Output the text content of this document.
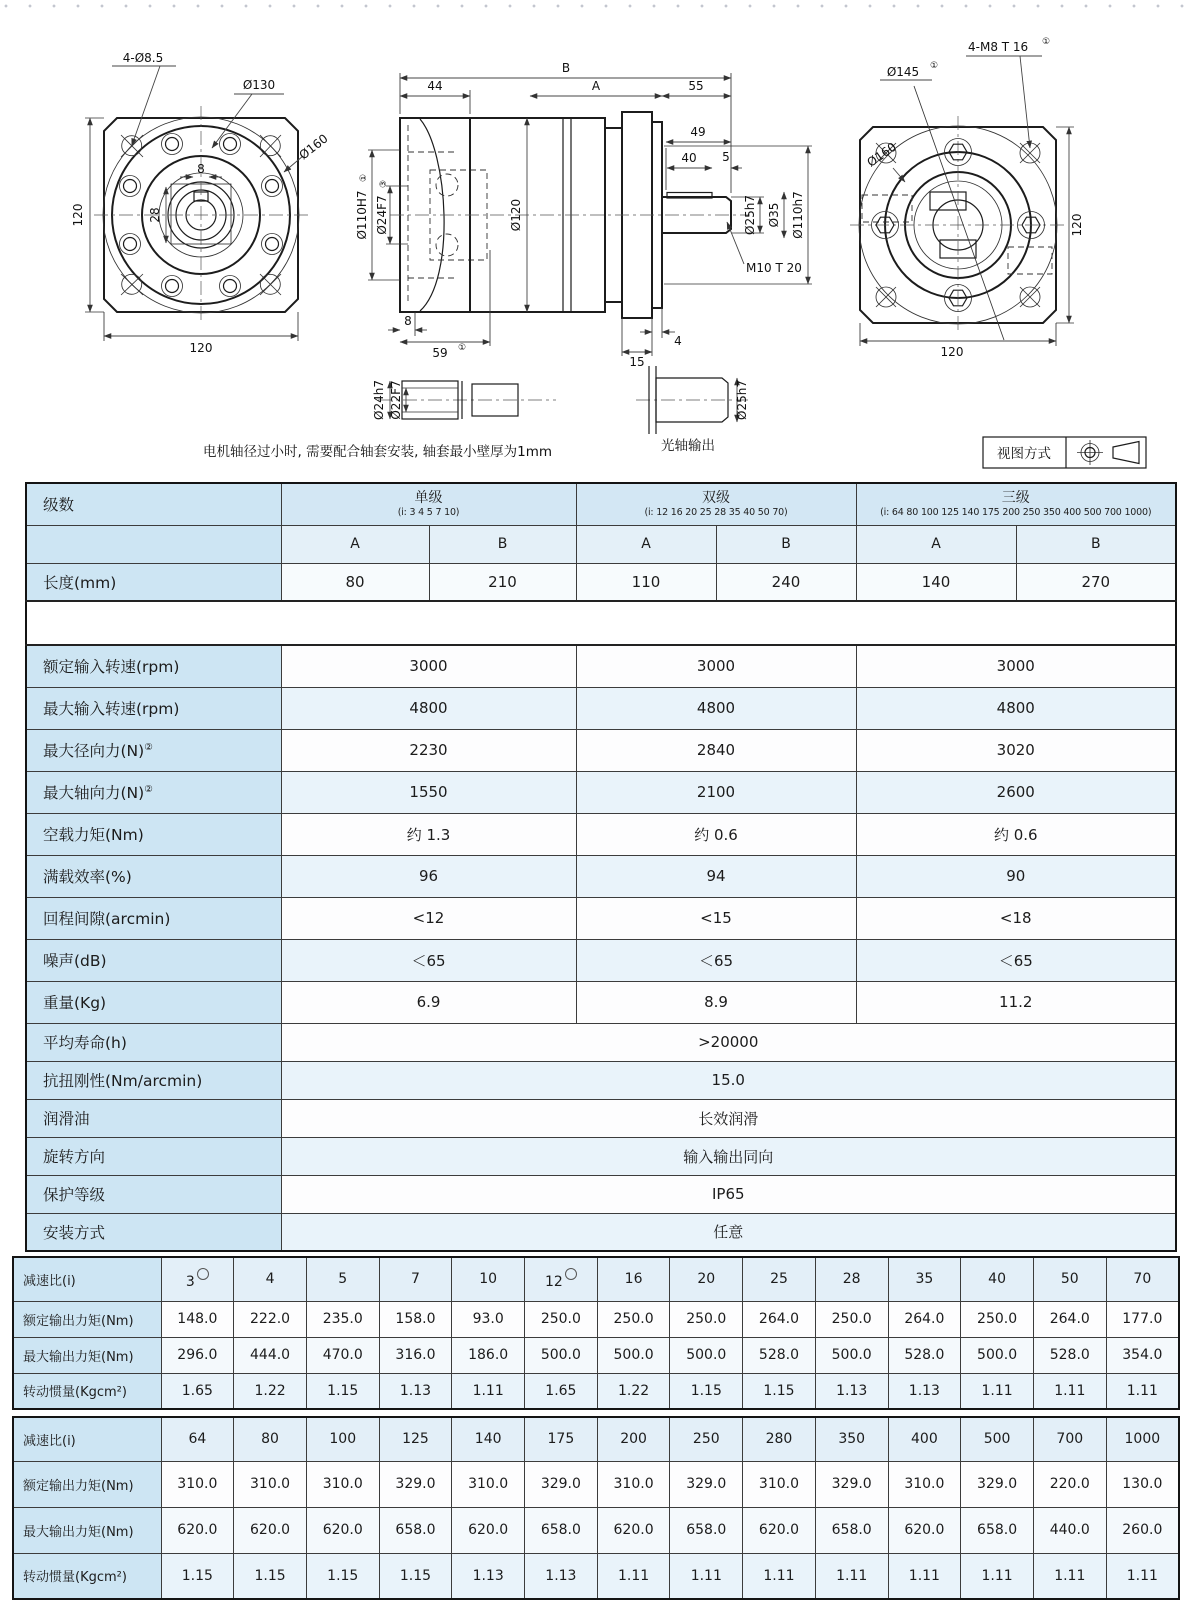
4-Ø8.5
Ø130
Ø160
120
120
8
28
B
44	A	55
49
40 5
Ø110H7
①
Ø24F7
③
Ø120	Ø25h7 Ø35 Ø110h7
M10 T 20
8
59 ①
15
4
Ø145 ①
4-M8 T 16 ①
Ø160
120
120
Ø24h7 Ø22F7	Ø25h7
光轴输出
电机轴径过小时, 需要配合轴套安装, 轴套最小壁厚为1mm	视图方式
级数	单级
(i: 3 4 5 7 10)

双级
(i: 12 16 20 25 28 35 40 50 70)

三级
(i: 64 80 100 125 140 175 200 250 350 400 500 700 1000)

	A	B	A	B	A	B
长度(mm)	80	210	110	240	140	270

额定输入转速(rpm)	3000		3000		3000	
最大输入转速(rpm)	4800		4800		4800	
最大径向力(N)②	2230		2840		3020	
最大轴向力(N)②	1550		2100		2600	
空载力矩(Nm)	约 1.3		约 0.6		约 0.6	
满载效率(%)	96		94		90	
回程间隙(arcmin)	<12		<15		<18	
噪声(dB)	＜65		＜65		＜65	
重量(Kg)	6.9		8.9		11.2	
平均寿命(h)	>20000					
抗扭刚性(Nm/arcmin)	15.0					
润滑油	长效润滑					
旋转方向	输入输出同向					
保护等级	IP65					
安装方式	任意					
减速比(i)	3	4	5	7	10	12	16	20	25	28	35	40	50	70
额定输出力矩(Nm)	148.0	222.0	235.0	158.0	93.0	250.0	250.0	250.0	264.0	250.0	264.0	250.0	264.0	177.0
最大输出力矩(Nm)	296.0	444.0	470.0	316.0	186.0	500.0	500.0	500.0	528.0	500.0	528.0	500.0	528.0	354.0
转动惯量(Kgcm²)	1.65	1.22	1.15	1.13	1.11	1.65	1.22	1.15	1.15	1.13	1.13	1.11	1.11	1.11
减速比(i)	64	80	100	125	140	175	200	250	280	350	400	500	700	1000
额定输出力矩(Nm)	310.0	310.0	310.0	329.0	310.0	329.0	310.0	329.0	310.0	329.0	310.0	329.0	220.0	130.0
最大输出力矩(Nm)	620.0	620.0	620.0	658.0	620.0	658.0	620.0	658.0	620.0	658.0	620.0	658.0	440.0	260.0
转动惯量(Kgcm²)	1.15	1.15	1.15	1.15	1.13	1.13	1.11	1.11	1.11	1.11	1.11	1.11	1.11	1.11
